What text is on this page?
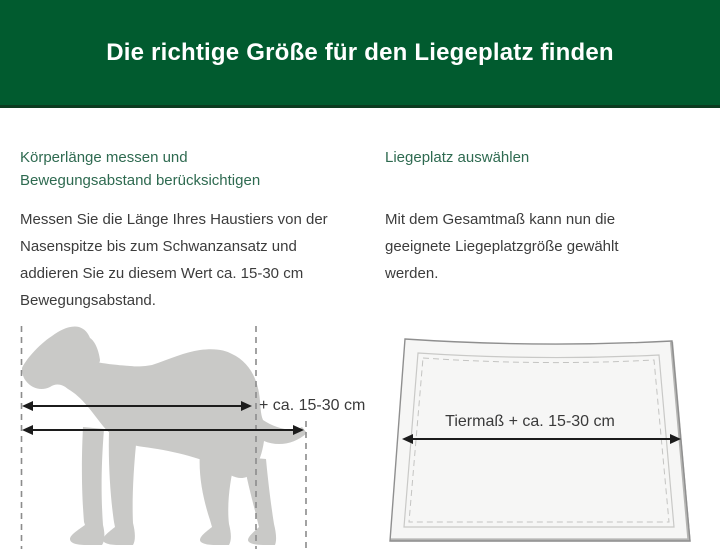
Die richtige Größe für den Liegeplatz finden
Körperlänge messen und
Bewegungsabstand berücksichtigen

Messen Sie die Länge Ihres Haustiers von der
Nasenspitze bis zum Schwanzansatz und
addieren Sie zu diesem Wert ca. 15-30 cm
Bewegungsabstand.

Liegeplatz auswählen

Mit dem Gesamtmaß kann nun die
geeignete Liegeplatzgröße gewählt
werden.

+ ca. 15-30 cm
Tiermaß + ca. 15-30 cm
